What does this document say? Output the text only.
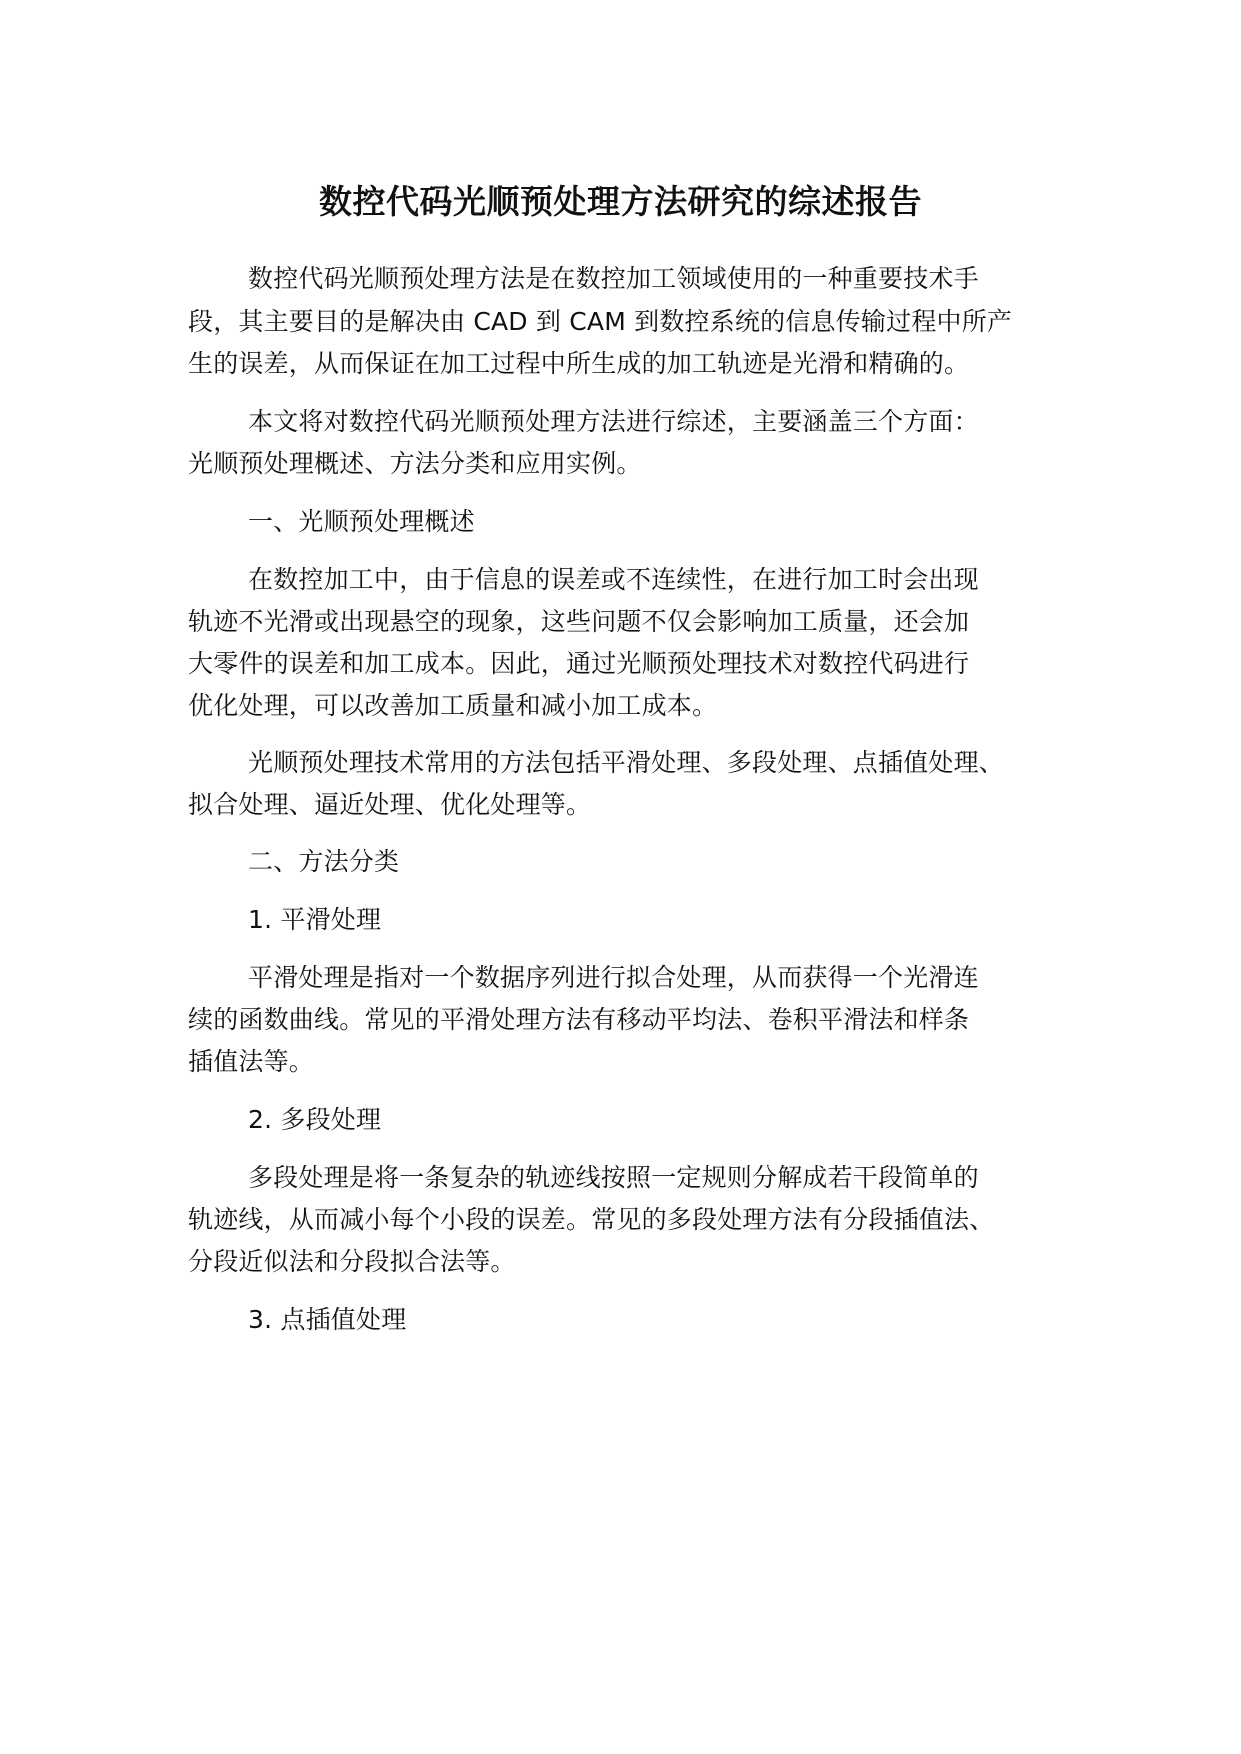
数控代码光顺预处理方法研究的综述报告
数控代码光顺预处理方法是在数控加工领域使用的一种重要技术手
段，其主要目的是解决由 CAD 到 CAM 到数控系统的信息传输过程中所产
生的误差，从而保证在加工过程中所生成的加工轨迹是光滑和精确的。
本文将对数控代码光顺预处理方法进行综述，主要涵盖三个方面：
光顺预处理概述、方法分类和应用实例。
一、光顺预处理概述
在数控加工中，由于信息的误差或不连续性，在进行加工时会出现
轨迹不光滑或出现悬空的现象，这些问题不仅会影响加工质量，还会加
大零件的误差和加工成本。因此，通过光顺预处理技术对数控代码进行
优化处理，可以改善加工质量和减小加工成本。
光顺预处理技术常用的方法包括平滑处理、多段处理、点插值处理、
拟合处理、逼近处理、优化处理等。
二、方法分类
1. 平滑处理
平滑处理是指对一个数据序列进行拟合处理，从而获得一个光滑连
续的函数曲线。常见的平滑处理方法有移动平均法、卷积平滑法和样条
插值法等。
2. 多段处理
多段处理是将一条复杂的轨迹线按照一定规则分解成若干段简单的
轨迹线，从而减小每个小段的误差。常见的多段处理方法有分段插值法、
分段近似法和分段拟合法等。
3. 点插值处理
